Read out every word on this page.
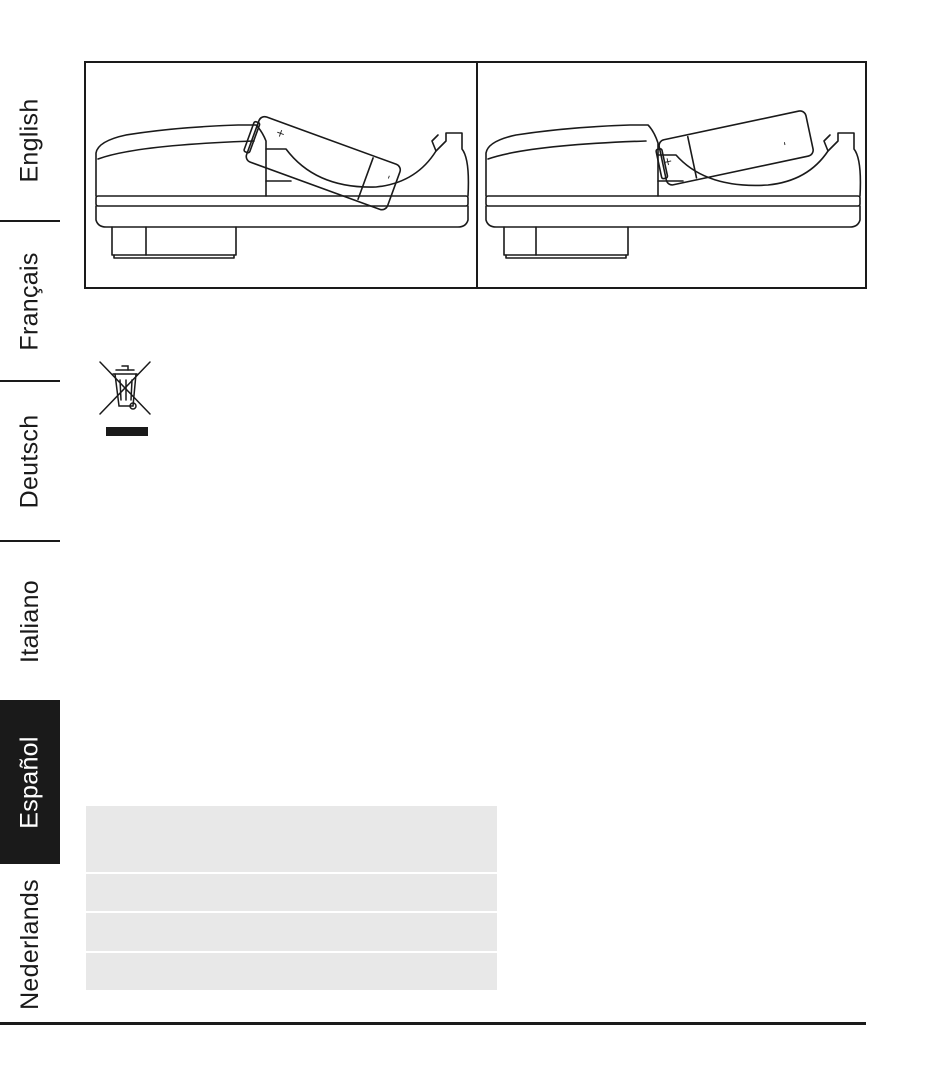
English
Français
Deutsch
Italiano
Español
Nederlands
+
-
+
-
